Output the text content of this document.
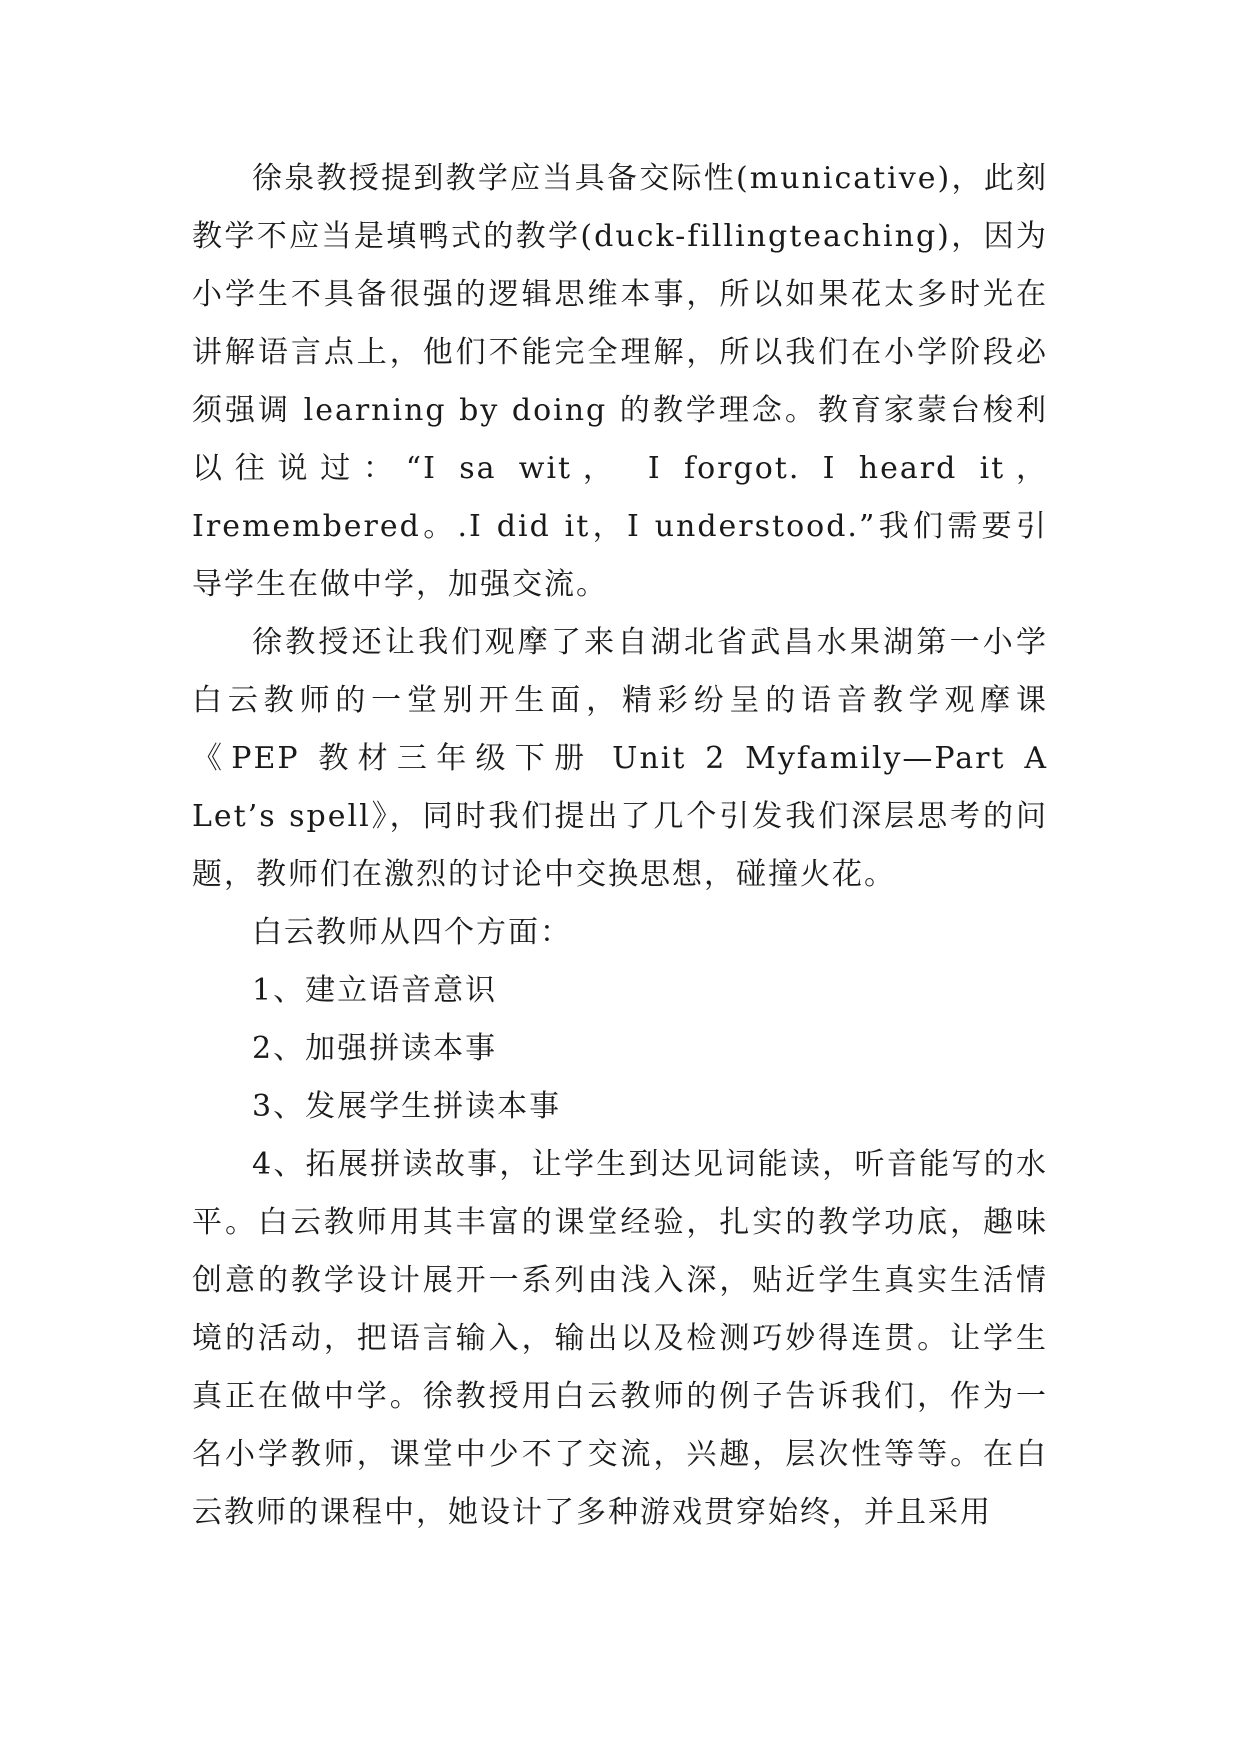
徐泉教授提到教学应当具备交际性(municative)，此刻教学不应当是填鸭式的教学(duck-fillingteaching)，因为小学生不具备很强的逻辑思维本事，所以如果花太多时光在讲解语言点上，他们不能完全理解，所以我们在小学阶段必须强调 learning by doing 的教学理念。教育家蒙台梭利以往说过：“I sa wit， I forgot. I heard it， Iremembered。.I did it，I understood.”我们需要引导学生在做中学，加强交流。

徐教授还让我们观摩了来自湖北省武昌水果湖第一小学白云教师的一堂别开生面，精彩纷呈的语音教学观摩课《PEP 教材三年级下册 Unit 2 Myfamily—Part A Let’s spell》，同时我们提出了几个引发我们深层思考的问题，教师们在激烈的讨论中交换思想，碰撞火花。

白云教师从四个方面：

1、建立语音意识

2、加强拼读本事

3、发展学生拼读本事

4、拓展拼读故事，让学生到达见词能读，听音能写的水平。白云教师用其丰富的课堂经验，扎实的教学功底，趣味创意的教学设计展开一系列由浅入深，贴近学生真实生活情境的活动，把语言输入，输出以及检测巧妙得连贯。让学生真正在做中学。徐教授用白云教师的例子告诉我们，作为一名小学教师，课堂中少不了交流，兴趣，层次性等等。在白云教师的课程中，她设计了多种游戏贯穿始终，并且采用
